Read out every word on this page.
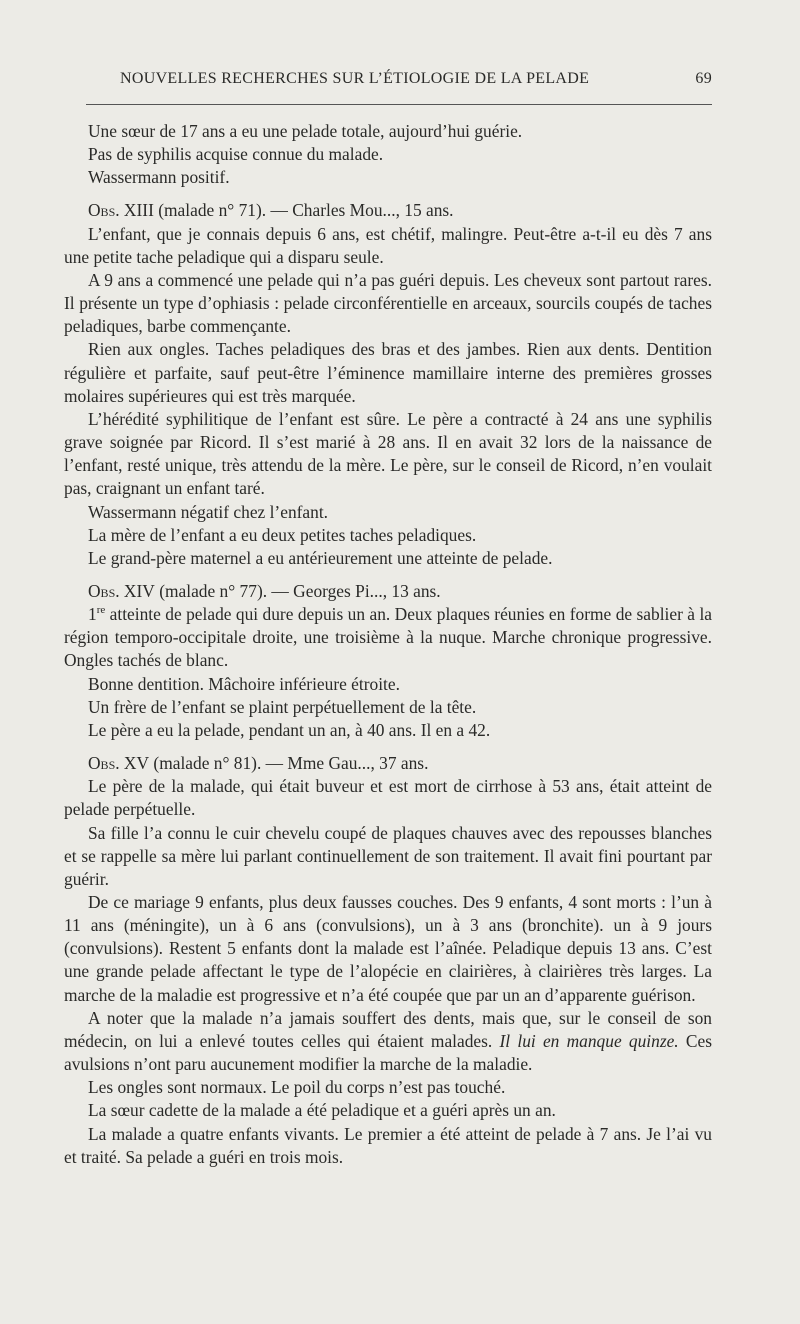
NOUVELLES RECHERCHES SUR L’ÉTIOLOGIE DE LA PELADE	69

Une sœur de 17 ans a eu une pelade totale, aujourd’hui guérie.

Pas de syphilis acquise connue du malade.

Wassermann positif.

Obs. XIII (malade n° 71). — Charles Mou..., 15 ans.

L’enfant, que je connais depuis 6 ans, est chétif, malingre. Peut-être a-t-il eu dès 7 ans une petite tache peladique qui a disparu seule.

A 9 ans a commencé une pelade qui n’a pas guéri depuis. Les cheveux sont partout rares. Il présente un type d’ophiasis : pelade circonférentielle en arceaux, sourcils coupés de taches peladiques, barbe commençante.

Rien aux ongles. Taches peladiques des bras et des jambes. Rien aux dents. Dentition régulière et parfaite, sauf peut-être l’éminence mamillaire interne des premières grosses molaires supérieures qui est très marquée.

L’hérédité syphilitique de l’enfant est sûre. Le père a contracté à 24 ans une syphilis grave soignée par Ricord. Il s’est marié à 28 ans. Il en avait 32 lors de la naissance de l’enfant, resté unique, très attendu de la mère. Le père, sur le conseil de Ricord, n’en voulait pas, craignant un enfant taré.

Wassermann négatif chez l’enfant.

La mère de l’enfant a eu deux petites taches peladiques.

Le grand-père maternel a eu antérieurement une atteinte de pelade.

Obs. XIV (malade n° 77). — Georges Pi..., 13 ans.

1re atteinte de pelade qui dure depuis un an. Deux plaques réunies en forme de sablier à la région temporo-occipitale droite, une troisième à la nuque. Marche chronique progressive. Ongles tachés de blanc.

Bonne dentition. Mâchoire inférieure étroite.

Un frère de l’enfant se plaint perpétuellement de la tête.

Le père a eu la pelade, pendant un an, à 40 ans. Il en a 42.

Obs. XV (malade n° 81). — Mme Gau..., 37 ans.

Le père de la malade, qui était buveur et est mort de cirrhose à 53 ans, était atteint de pelade perpétuelle.

Sa fille l’a connu le cuir chevelu coupé de plaques chauves avec des repousses blanches et se rappelle sa mère lui parlant continuellement de son traitement. Il avait fini pourtant par guérir.

De ce mariage 9 enfants, plus deux fausses couches. Des 9 enfants, 4 sont morts : l’un à 11 ans (méningite), un à 6 ans (convulsions), un à 3 ans (bronchite). un à 9 jours (convulsions). Restent 5 enfants dont la malade est l’aînée. Peladique depuis 13 ans. C’est une grande pelade affectant le type de l’alopécie en clairières, à clairières très larges. La marche de la maladie est progressive et n’a été coupée que par un an d’apparente guérison.

A noter que la malade n’a jamais souffert des dents, mais que, sur le conseil de son médecin, on lui a enlevé toutes celles qui étaient malades. Il lui en manque quinze. Ces avulsions n’ont paru aucunement modifier la marche de la maladie.

Les ongles sont normaux. Le poil du corps n’est pas touché.

La sœur cadette de la malade a été peladique et a guéri après un an.

La malade a quatre enfants vivants. Le premier a été atteint de pelade à 7 ans. Je l’ai vu et traité. Sa pelade a guéri en trois mois.
